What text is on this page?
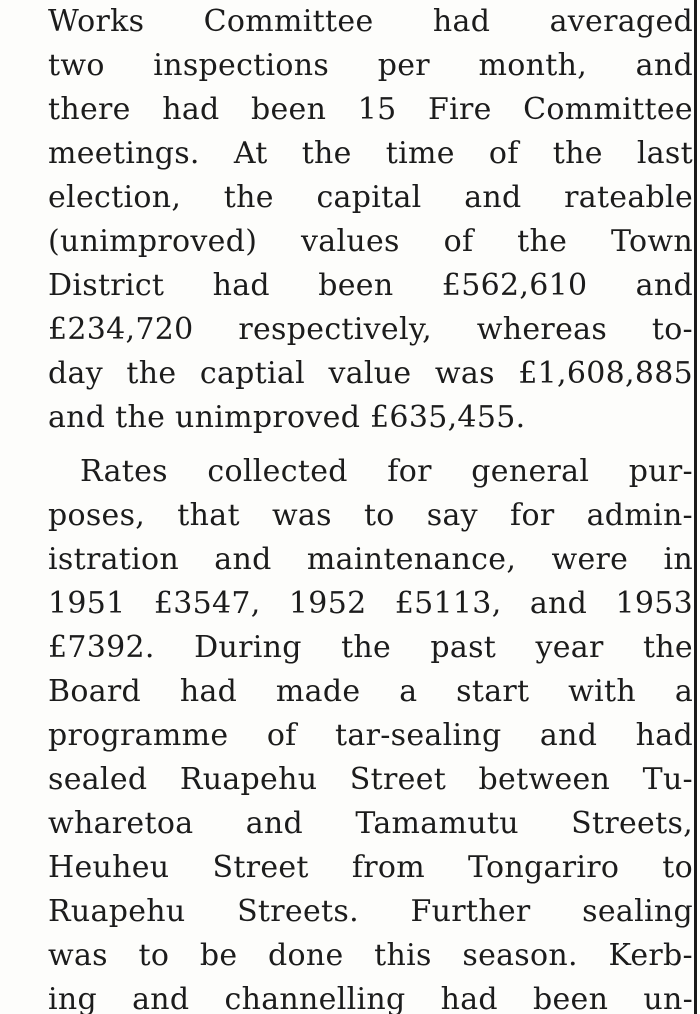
Works Committee had averaged
two inspections per month, and
there had been 15 Fire Committee
meetings. At the time of the last
election, the capital and rateable
(unimproved) values of the Town
District had been £562,610 and
£234,720 respectively, whereas to-
day the captial value was £1,608,885
and the unimproved £635,455.
Rates collected for general pur-
poses, that was to say for admin-
istration and maintenance, were in
1951 £3547, 1952 £5113, and 1953
£7392. During the past year the
Board had made a start with a
programme of tar-sealing and had
sealed Ruapehu Street between Tu-
wharetoa and Tamamutu Streets,
Heuheu Street from Tongariro to
Ruapehu Streets. Further sealing
was to be done this season. Kerb-
ing and channelling had been un-
